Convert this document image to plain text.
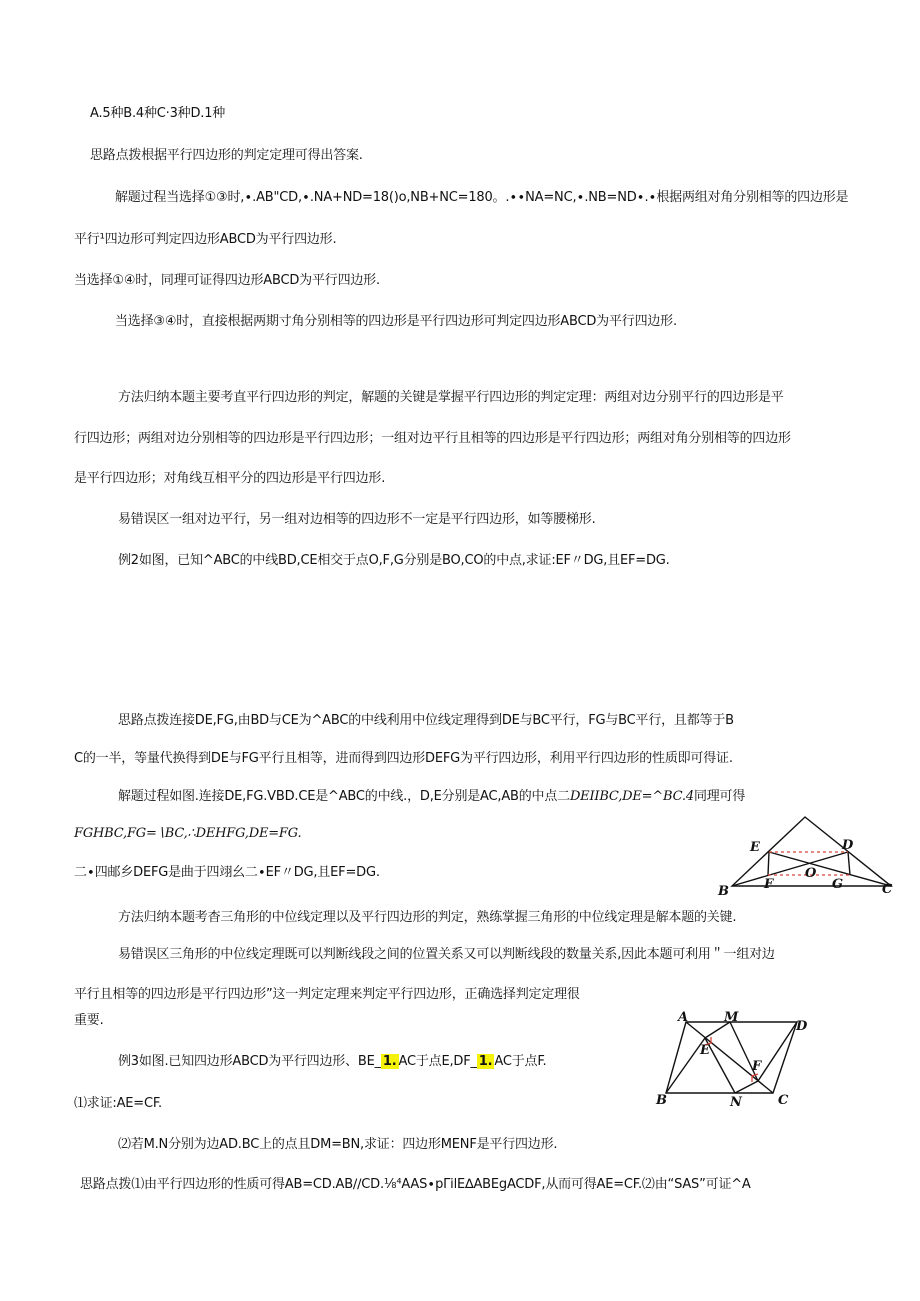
A.5种B.4种C·3种D.1种
思路点拨根据平行四边形的判定定理可得出答案.
解题过程当选择①③时,∙.AB"CD,∙.NA+ND=18()o,NB+NC=180。.∙∙NA=NC,∙.NB=ND∙.∙根据两组对角分别相等的四边形是
平行¹四边形可判定四边形ABCD为平行四边形.
当选择①④时，同理可证得四边形ABCD为平行四边形.
当选择③④时，直接根据两期寸角分别相等的四边形是平行四边形可判定四边形ABCD为平行四边形.
方法归纳本题主要考直平行四边形的判定，解题的关键是掌握平行四边形的判定定理：两组对边分别平行的四边形是平
行四边形；两组对边分别相等的四边形是平行四边形；一组对边平行且相等的四边形是平行四边形；两组对角分别相等的四边形
是平行四边形；对角线互相平分的四边形是平行四边形.
易错误区一组对边平行，另一组对边相等的四边形不一定是平行四边形，如等腰梯形.
例2如图，已知^ABC的中线BD,CE相交于点O,F,G分别是BO,CO的中点,求证:EF〃DG,且EF=DG.
思路点拨连接DE,FG,由BD与CE为^ABC的中线利用中位线定理得到DE与BC平行，FG与BC平行，且都等于B
C的一半，等量代换得到DE与FG平行且相等，进而得到四边形DEFG为平行四边形，利用平行四边形的性质即可得证.
解题过程如图.连接DE,FG.VBD.CE是^ABC的中线.，D,E分别是AC,AB的中点二DEIIBC,DE=^BC.4同理可得
FGHBC,FG=∖BC,∴DEHFG,DE=FG.
二∙四邮乡DEFG是曲于四翊幺二∙EF〃DG,且EF=DG.
方法归纳本题考杳三角形的中位线定理以及平行四边形的判定，熟练掌握三角形的中位线定理是解本题的关键.
易错误区三角形的中位线定理既可以判断线段之间的位置关系又可以判断线段的数量关系,因此本题可利用＂一组对边
平行且相等的四边形是平行四边形”这一判定定理来判定平行四边形，正确选择判定定理很
重要.
例3如图.已知四边形ABCD为平行四边形、BE_ 1. AC于点E,DF_ 1. AC于点F.
⑴求证:AE=CF.
⑵若M.N分别为边AD.BC上的点且DM=BN,求证：四边形MENF是平行四边形.
思路点拨⑴由平行四边形的性质可得AB=CD.AB∕∕CD.⅛⁴AAS∙pΓilE∆ABEgACDF,从而可得AE=CF.⑵由“SAS”可证^A
E	D
B	F
O
G	C
A	M
D
E
F
B	N	C
